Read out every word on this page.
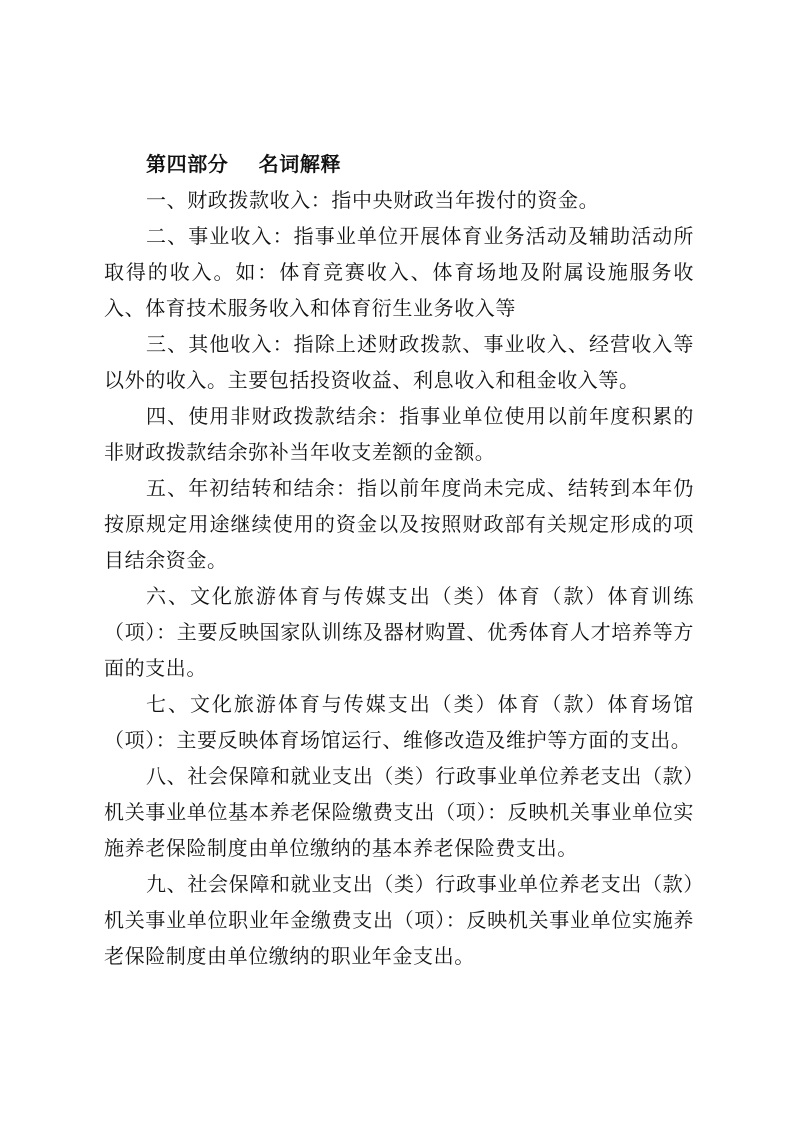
第四部分    名词解释

一、财政拨款收入：指中央财政当年拨付的资金。

二、事业收入：指事业单位开展体育业务活动及辅助活动所取得的收入。如：体育竞赛收入、体育场地及附属设施服务收入、体育技术服务收入和体育衍生业务收入等

三、其他收入：指除上述财政拨款、事业收入、经营收入等以外的收入。主要包括投资收益、利息收入和租金收入等。

四、使用非财政拨款结余：指事业单位使用以前年度积累的非财政拨款结余弥补当年收支差额的金额。

五、年初结转和结余：指以前年度尚未完成、结转到本年仍按原规定用途继续使用的资金以及按照财政部有关规定形成的项目结余资金。

六、文化旅游体育与传媒支出（类）体育（款）体育训练（项）：主要反映国家队训练及器材购置、优秀体育人才培养等方面的支出。

七、文化旅游体育与传媒支出（类）体育（款）体育场馆（项）：主要反映体育场馆运行、维修改造及维护等方面的支出。

八、社会保障和就业支出（类）行政事业单位养老支出（款）机关事业单位基本养老保险缴费支出（项）：反映机关事业单位实施养老保险制度由单位缴纳的基本养老保险费支出。

九、社会保障和就业支出（类）行政事业单位养老支出（款）机关事业单位职业年金缴费支出（项）：反映机关事业单位实施养老保险制度由单位缴纳的职业年金支出。
